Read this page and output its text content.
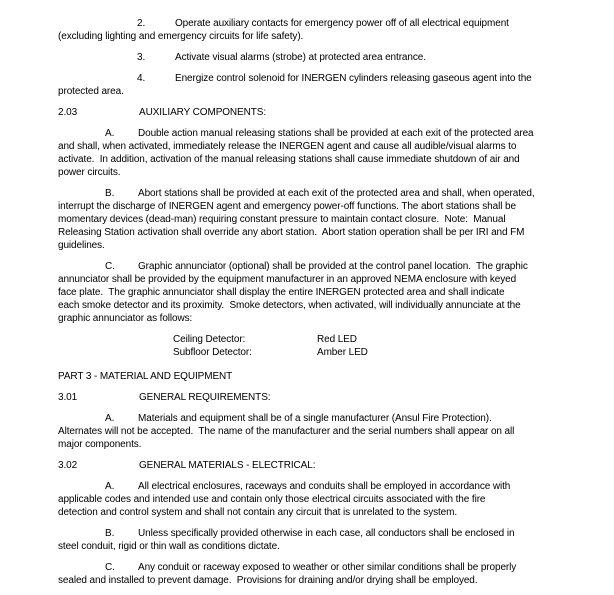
2.	Operate auxiliary contacts for emergency power off of all electrical equipment
(excluding lighting and emergency circuits for life safety).
3.	Activate visual alarms (strobe) at protected area entrance.
4.	Energize control solenoid for INERGEN cylinders releasing gaseous agent into the
protected area.
2.03	AUXILIARY COMPONENTS:
A. Double action manual releasing stations shall be provided at each exit of the protected area
and shall, when activated, immediately release the INERGEN agent and cause all audible/visual alarms to
activate.  In addition, activation of the manual releasing stations shall cause immediate shutdown of air and
power circuits.
B. Abort stations shall be provided at each exit of the protected area and shall, when operated,
interrupt the discharge of INERGEN agent and emergency power-off functions. The abort stations shall be
momentary devices (dead-man) requiring constant pressure to maintain contact closure.  Note:  Manual
Releasing Station activation shall override any abort station.  Abort station operation shall be per IRI and FM
guidelines.
C. Graphic annunciator (optional) shall be provided at the control panel location.  The graphic
annunciator shall be provided by the equipment manufacturer in an approved NEMA enclosure with keyed
face plate.  The graphic annunciator shall display the entire INERGEN protected area and shall indicate
each smoke detector and its proximity.  Smoke detectors, when activated, will individually annunciate at the
graphic annunciator as follows:
Ceiling Detector:	Red LED
Subfloor Detector:	Amber LED
PART 3 - MATERIAL AND EQUIPMENT
3.01	GENERAL REQUIREMENTS:
A. Materials and equipment shall be of a single manufacturer (Ansul Fire Protection).
Alternates will not be accepted.  The name of the manufacturer and the serial numbers shall appear on all
major components.
3.02	GENERAL MATERIALS - ELECTRICAL:
A. All electrical enclosures, raceways and conduits shall be employed in accordance with
applicable codes and intended use and contain only those electrical circuits associated with the fire
detection and control system and shall not contain any circuit that is unrelated to the system.
B. Unless specifically provided otherwise in each case, all conductors shall be enclosed in
steel conduit, rigid or thin wall as conditions dictate.
C. Any conduit or raceway exposed to weather or other similar conditions shall be properly
sealed and installed to prevent damage.  Provisions for draining and/or drying shall be employed.
